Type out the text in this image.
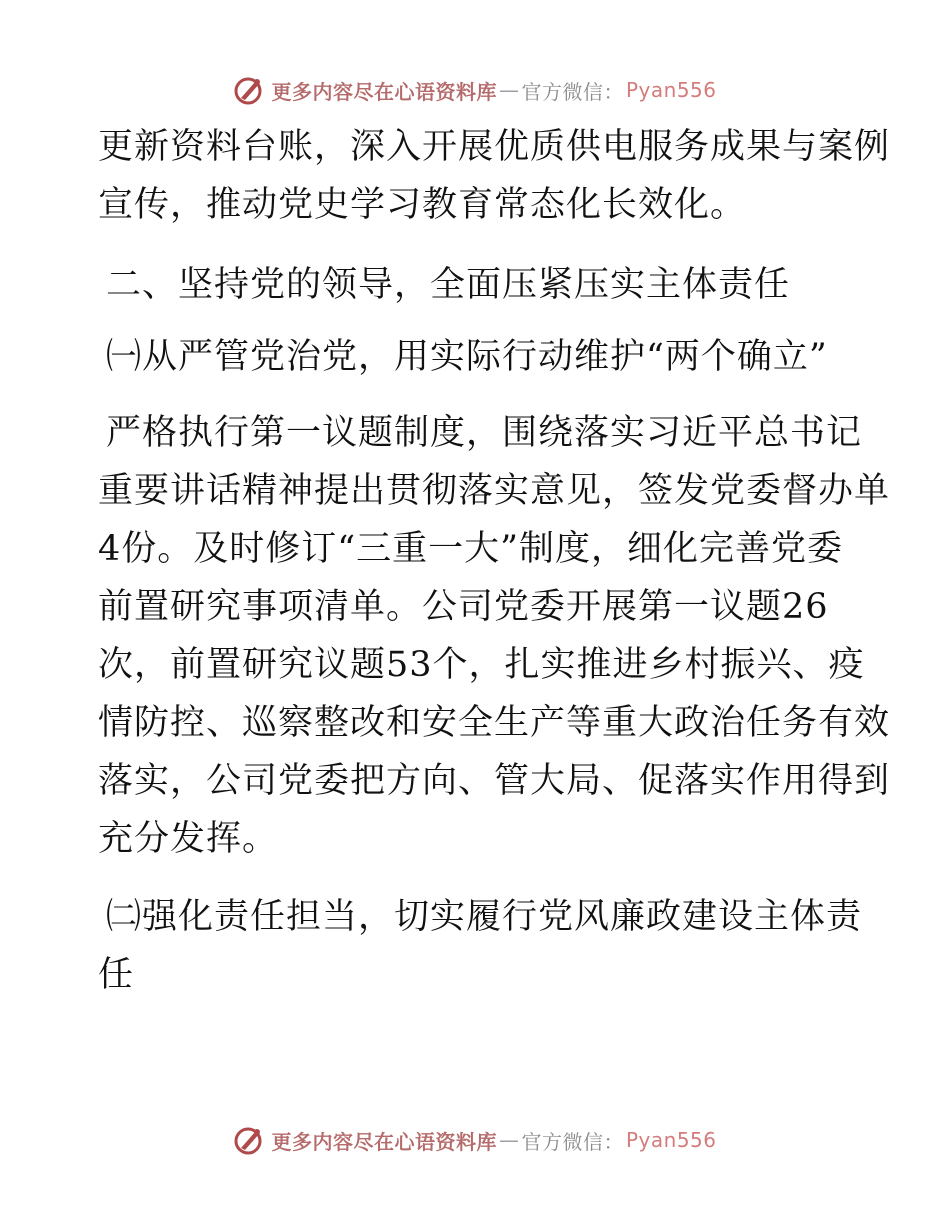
更多内容尽在心语资料库 — 官方微信： Pyan556
更新资料台账，深入开展优质供电服务成果与案例
宣传，推动党史学习教育常态化长效化。
二、坚持党的领导，全面压紧压实主体责任
㈠从严管党治党，用实际行动维护“两个确立”
严格执行第一议题制度，围绕落实习近平总书记
重要讲话精神提出贯彻落实意见，签发党委督办单
4份。及时修订“三重一大”制度，细化完善党委
前置研究事项清单。公司党委开展第一议题26
次，前置研究议题53个，扎实推进乡村振兴、疫
情防控、巡察整改和安全生产等重大政治任务有效
落实，公司党委把方向、管大局、促落实作用得到
充分发挥。
㈡强化责任担当，切实履行党风廉政建设主体责
任
更多内容尽在心语资料库 — 官方微信： Pyan556
